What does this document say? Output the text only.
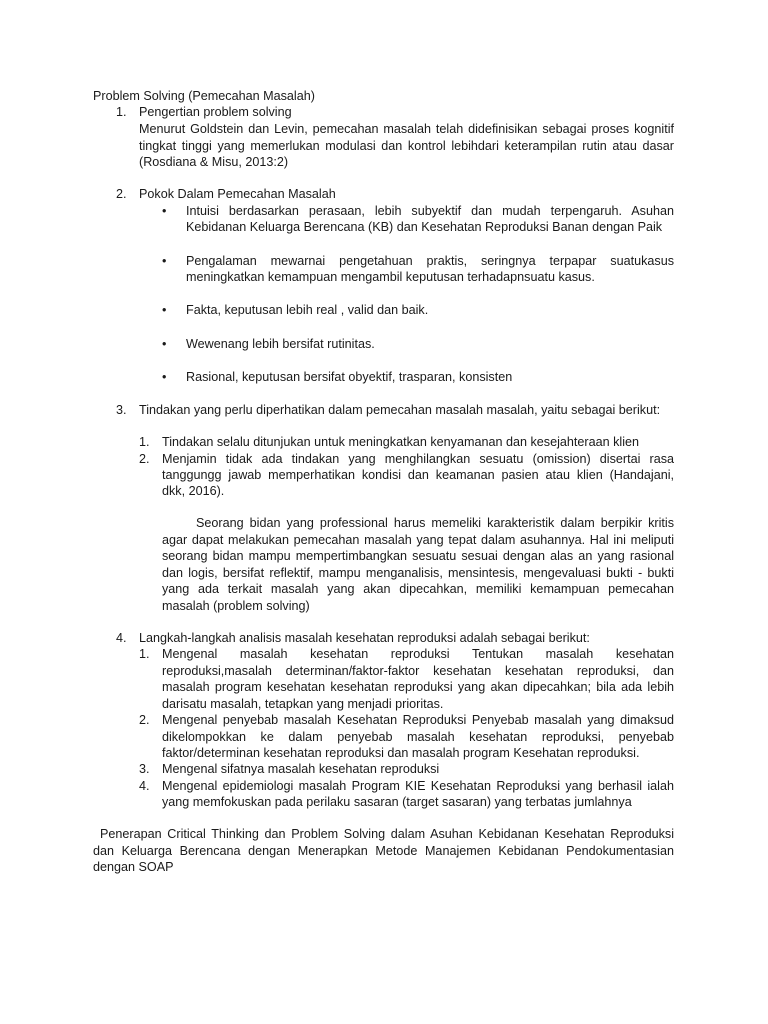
Problem Solving (Pemecahan Masalah)
1. Pengertian problem solving
Menurut Goldstein dan Levin, pemecahan masalah telah didefinisikan sebagai proses kognitif
tingkat tinggi yang memerlukan modulasi dan kontrol lebihdari keterampilan rutin atau dasar
(Rosdiana & Misu, 2013:2)
2. Pokok Dalam Pemecahan Masalah
• Intuisi berdasarkan perasaan, lebih subyektif dan mudah terpengaruh. Asuhan
Kebidanan Keluarga Berencana (KB) dan Kesehatan Reproduksi Banan dengan Paik
• Pengalaman mewarnai pengetahuan praktis, seringnya terpapar suatukasus
meningkatkan kemampuan mengambil keputusan terhadapnsuatu kasus.
• Fakta, keputusan lebih real , valid dan baik.
• Wewenang lebih bersifat rutinitas.
• Rasional, keputusan bersifat obyektif, trasparan, konsisten
3. Tindakan yang perlu diperhatikan dalam pemecahan masalah masalah, yaitu sebagai berikut:
1. Tindakan selalu ditunjukan untuk meningkatkan kenyamanan dan kesejahteraan klien
2. Menjamin tidak ada tindakan yang menghilangkan sesuatu (omission) disertai rasa
tanggungg jawab memperhatikan kondisi dan keamanan pasien atau klien (Handajani,
dkk, 2016).
Seorang bidan yang professional harus memeliki karakteristik dalam berpikir kritis
agar dapat melakukan pemecahan masalah yang tepat dalam asuhannya. Hal ini meliputi
seorang bidan mampu mempertimbangkan sesuatu sesuai dengan alas an yang rasional
dan logis, bersifat reflektif, mampu menganalisis, mensintesis, mengevaluasi bukti - bukti
yang ada terkait masalah yang akan dipecahkan, memiliki kemampuan pemecahan
masalah (problem solving)
4. Langkah-langkah analisis masalah kesehatan reproduksi adalah sebagai berikut:
1. Mengenal masalah kesehatan reproduksi Tentukan masalah kesehatan
reproduksi,masalah determinan/faktor-faktor kesehatan kesehatan reproduksi, dan
masalah program kesehatan kesehatan reproduksi yang akan dipecahkan; bila ada lebih
darisatu masalah, tetapkan yang menjadi prioritas.
2. Mengenal penyebab masalah Kesehatan Reproduksi Penyebab masalah yang dimaksud
dikelompokkan ke dalam penyebab masalah kesehatan reproduksi, penyebab
faktor/determinan kesehatan reproduksi dan masalah program Kesehatan reproduksi.
3. Mengenal sifatnya masalah kesehatan reproduksi
4. Mengenal epidemiologi masalah Program KIE Kesehatan Reproduksi yang berhasil ialah
yang memfokuskan pada perilaku sasaran (target sasaran) yang terbatas jumlahnya
Penerapan Critical Thinking dan Problem Solving dalam Asuhan Kebidanan Kesehatan Reproduksi
dan Keluarga Berencana dengan Menerapkan Metode Manajemen Kebidanan Pendokumentasian
dengan SOAP
